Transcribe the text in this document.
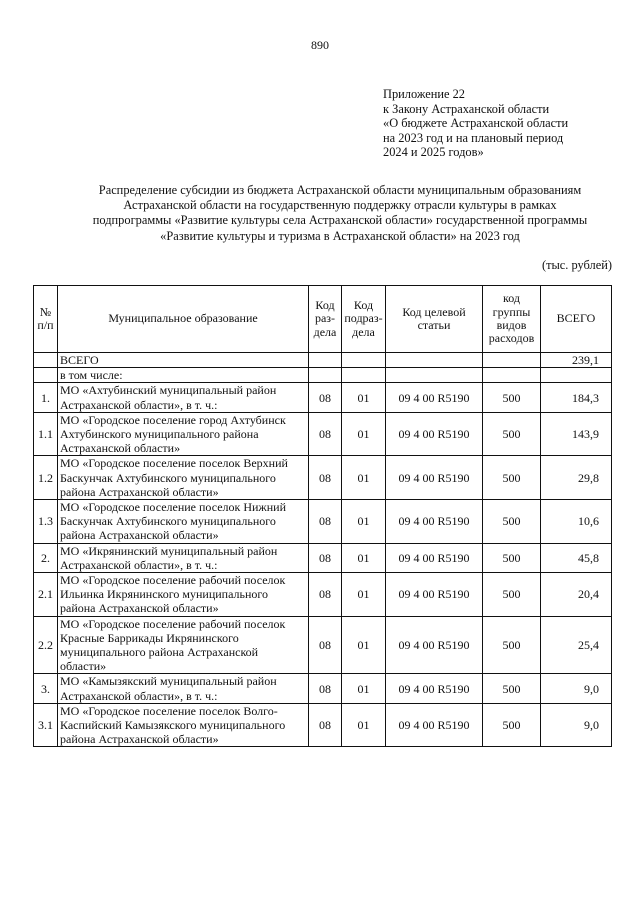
890
Приложение 22
к Закону Астраханской области
«О бюджете Астраханской области
на 2023 год и на плановый период
2024 и 2025 годов»
Распределение субсидии из бюджета Астраханской области муниципальным образованиям
Астраханской области на государственную поддержку отрасли культуры в рамках
подпрограммы «Развитие культуры села Астраханской области» государственной программы
«Развитие культуры и туризма в Астраханской области» на 2023 год
(тыс. рублей)
№ п/п	Муниципальное образование	Код раз-дела	Код подраз-дела	Код целевой статьи	код группы видов расходов	ВСЕГО
	ВСЕГО					239,1
	в том числе:					
1.	МО «Ахтубинский муниципальный район Астраханской области», в т. ч.:	08	01	09 4 00 R5190	500	184,3
1.1	МО «Городское поселение город Ахтубинск Ахтубинского муниципального района Астраханской области»	08	01	09 4 00 R5190	500	143,9
1.2	МО «Городское поселение поселок Верхний Баскунчак Ахтубинского муниципального района Астраханской области»	08	01	09 4 00 R5190	500	29,8
1.3	МО «Городское поселение поселок Нижний Баскунчак Ахтубинского муниципального района Астраханской области»	08	01	09 4 00 R5190	500	10,6
2.	МО «Икрянинский муниципальный район Астраханской области», в т. ч.:	08	01	09 4 00 R5190	500	45,8
2.1	МО «Городское поселение рабочий поселок Ильинка Икрянинского муниципального района Астраханской области»	08	01	09 4 00 R5190	500	20,4
2.2	МО «Городское поселение рабочий поселок Красные Баррикады Икрянинского муниципального района Астраханской области»	08	01	09 4 00 R5190	500	25,4
3.	МО «Камызякский муниципальный район Астраханской области», в т. ч.:	08	01	09 4 00 R5190	500	9,0
3.1	МО «Городское поселение поселок Волго-Каспийский Камызякского муниципального района Астраханской области»	08	01	09 4 00 R5190	500	9,0
